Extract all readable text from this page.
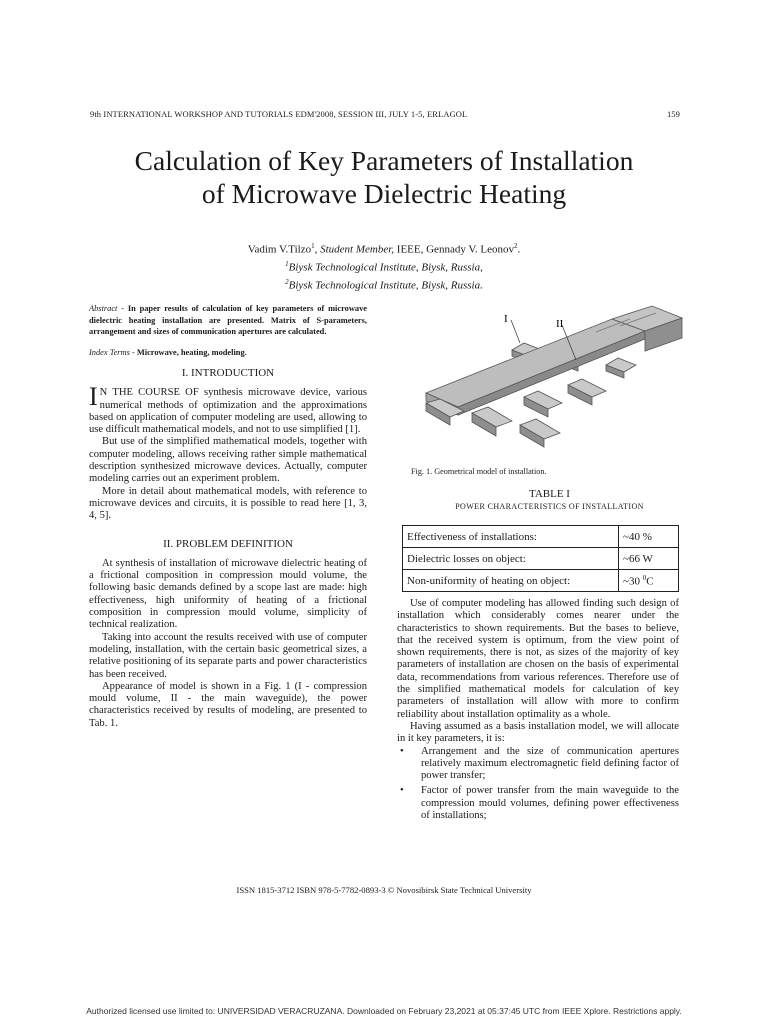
9th INTERNATIONAL WORKSHOP AND TUTORIALS EDM'2008, SESSION III, JULY 1-5, ERLAGOL	159
Calculation of Key Parameters of Installation
of Microwave Dielectric Heating
Vadim V.Tilzo$^1$, Student Member, IEEE, Gennady V. Leonov$^2$.
$^1$Biysk Technological Institute, Biysk, Russia,
$^2$Biysk Technological Institute, Biysk, Russia.

Abstract - In paper results of calculation of key parameters of microwave dielectric heating installation are presented. Matrix of S-parameters, arrangement and sizes of communication apertures are calculated.

Index Terms - Microwave, heating, modeling.

I. INTRODUCTION

I N THE COURSE OF synthesis microwave device, various numerical methods of optimization and the approximations based on application of computer modeling are used, allowing to use difficult mathematical models, and not to use simplified [1].

But use of the simplified mathematical models, together with computer modeling, allows receiving rather simple mathematical description synthesized microwave devices. Actually, computer modeling carries out an experiment problem.

More in detail about mathematical models, with reference to microwave devices and circuits, it is possible to read here [1, 3, 4, 5].

II. PROBLEM DEFINITION

At synthesis of installation of microwave dielectric heating of a frictional composition in compression mould volume, the following basic demands defined by a scope last are made: high effectiveness, high uniformity of heating of a frictional composition in compression mould volume, simplicity of technical realization.

Taking into account the results received with use of computer modeling, installation, with the certain basic geometrical sizes, a relative positioning of its separate parts and power characteristics has been received.

Appearance of model is shown in a Fig. 1 (I - compression mould volume, II - the main waveguide), the power characteristics received by results of modeling, are presented to Tab. 1.

I	II
Fig. 1. Geometrical model of installation.
TABLE I
POWER CHARACTERISTICS OF INSTALLATION
Effectiveness of installations:	~40 %
Dielectric losses on object:	~66 W
Non-uniformity of heating on object:	~30 $^0$C

Use of computer modeling has allowed finding such design of installation which considerably comes nearer under the characteristics to shown requirements. But the bases to believe, that the received system is optimum, from the view point of shown requirements, there is not, as sizes of the majority of key parameters of installation are chosen on the basis of experimental data, recommendations from various references. Therefore use of the simplified mathematical models for calculation of key parameters of installation will allow with more to confirm reliability about installation optimality as a whole.

Having assumed as a basis installation model, we will allocate in it key parameters, it is:

• Arrangement and the size of communication apertures relatively maximum electromagnetic field defining factor of power transfer;
• Factor of power transfer from the main waveguide to the compression mould volumes, defining power effectiveness of installations;
ISSN 1815-3712 ISBN 978-5-7782-0893-3 © Novosibirsk State Technical University
Authorized licensed use limited to: UNIVERSIDAD VERACRUZANA. Downloaded on February 23,2021 at 05:37:45 UTC from IEEE Xplore. Restrictions apply.
